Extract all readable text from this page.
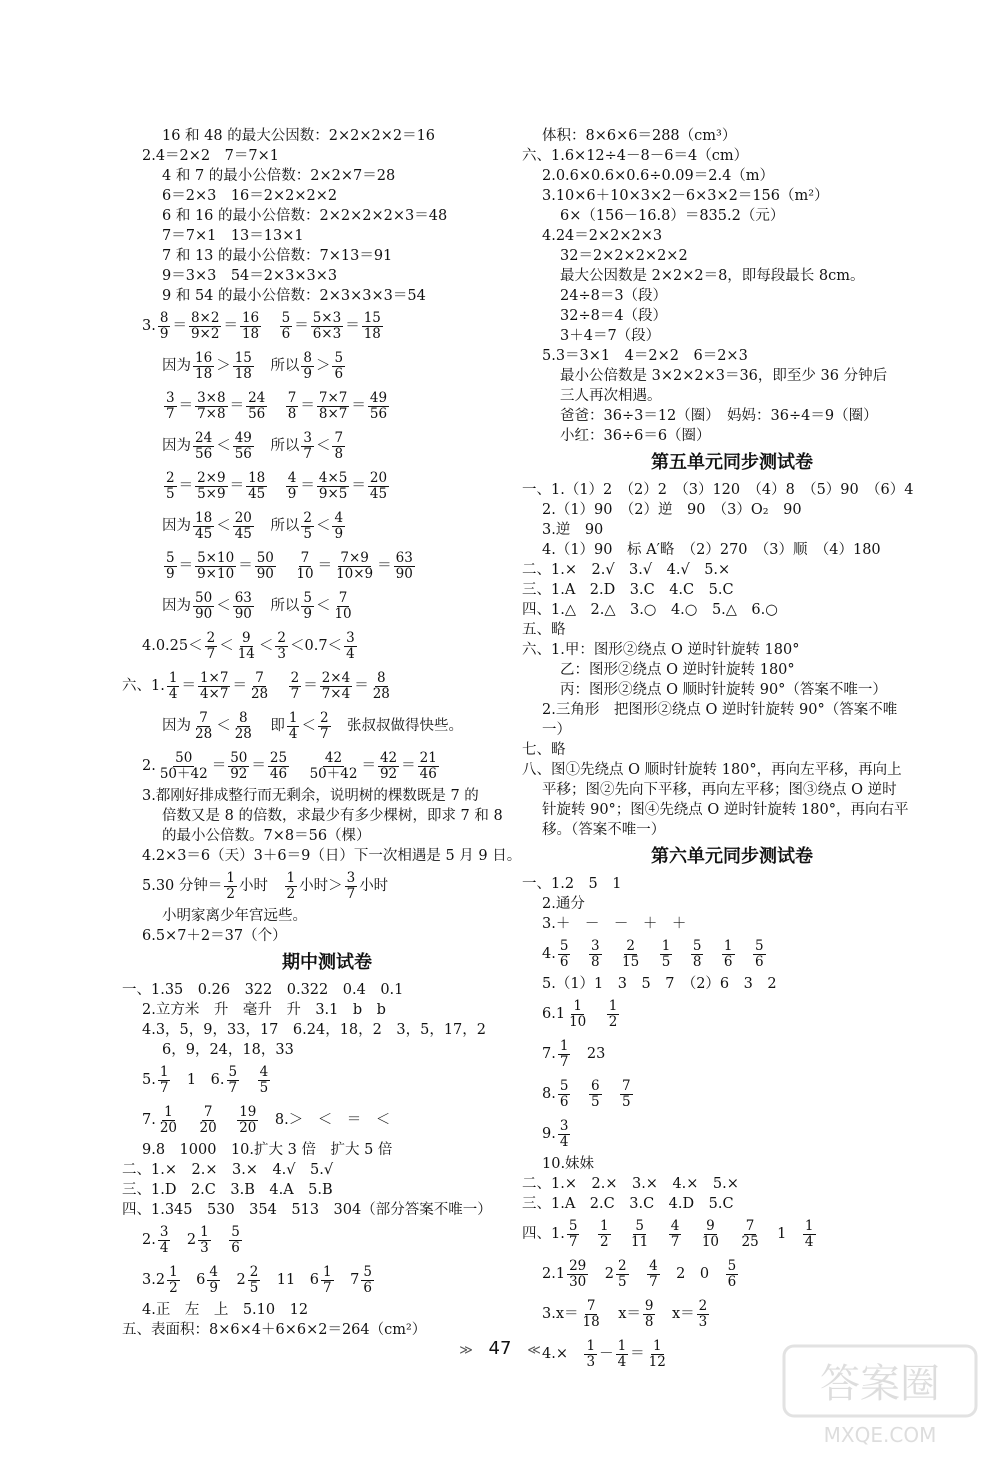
16 和 48 的最大公因数：2×2×2×2＝16
2.4＝2×2　7＝7×1
4 和 7 的最小公倍数：2×2×7＝28
6＝2×3　16＝2×2×2×2
6 和 16 的最小公倍数：2×2×2×2×3＝48
7＝7×1　13＝13×1
7 和 13 的最小公倍数：7×13＝91
9＝3×3　54＝2×3×3×3
9 和 54 的最小公倍数：2×3×3×3＝54
3. $\frac{8}{9} = \frac{8\times 2}{9\times 2} = \frac{16}{18}$
　 $\frac{5}{6} = \frac{5\times 3}{6\times 3} = \frac{15}{18}$
因为 $\frac{16}{18} > \frac{15}{18}$ 　所以 $\frac{8}{9} > \frac{5}{6}$
$\frac{3}{7} = \frac{3\times 8}{7\times 8} = \frac{24}{56}$
　 $\frac{7}{8} = \frac{7\times 7}{8\times 7} = \frac{49}{56}$
因为 $\frac{24}{56} < \frac{49}{56}$ 　所以 $\frac{3}{7} < \frac{7}{8}$
$\frac{2}{5} = \frac{2\times 9}{5\times 9} = \frac{18}{45}$
　 $\frac{4}{9} = \frac{4\times 5}{9\times 5} = \frac{20}{45}$
因为 $\frac{18}{45} < \frac{20}{45}$ 　所以 $\frac{2}{5} < \frac{4}{9}$
$\frac{5}{9} = \frac{5\times 10}{9\times 10} = \frac{50}{90}$
　 $\frac{7}{10} = \frac{7\times 9}{10\times 9} = \frac{63}{90}$
因为 $\frac{50}{90} < \frac{63}{90}$ 　所以 $\frac{5}{9} < \frac{7}{10}$
$4.0.25< \frac{2}{7} < \frac{9}{14} < \frac{2}{3} <0.7< \frac{3}{4}$
六、1. $\frac{1}{4} = \frac{1\times 7}{4\times 7} = \frac{7}{28}$
　 $\frac{2}{7} = \frac{2\times 4}{7\times 4} = \frac{8}{28}$
因为 $\frac{7}{28} < \frac{8}{28}$ 　即 $\frac{1}{4} < \frac{2}{7}$ 　张叔叔做得快些。
2. $\frac{50}{50+42} = \frac{50}{92} = \frac{25}{46}$
　 $\frac{42}{50+42} = \frac{42}{92} = \frac{21}{46}$
3.都刚好排成整行而无剩余，说明树的棵数既是 7 的
倍数又是 8 的倍数，求最少有多少棵树，即求 7 和 8
的最小公倍数。7×8＝56（棵）
4.2×3＝6（天）3＋6＝9（日）下一次相遇是 5 月 9 日。
5.30 分钟＝ $\frac{1}{2}$ 小时　 $\frac{1}{2}$ 小时＞ $\frac{3}{7}$ 小时
小明家离少年宫远些。
6.5×7＋2＝37（个）
期中测试卷
一、1.35　0.26　322　0.322　0.4　0.1
2.立方米　升　毫升　升　3.1　b　b
4.3，5，9，33，17　6.24，18，2　3，5，17，2
6，9，24，18，33
5. $\frac{1}{7}$ 　1　6. $\frac{5}{7}$
　 $\frac{4}{5}$
7. $\frac{1}{20}$
　 $\frac{7}{20}$
　 $\frac{19}{20}$ 　8.＞　＜　＝　＜
9.8　1000　10.扩大 3 倍　扩大 5 倍
二、1.×　2.×　3.×　4.√　5.√
三、1.D　2.C　3.B　4.A　5.B
四、1.345　530　354　513　304（部分答案不唯一）
2. $\frac{3}{4}$ 　$2 \frac{1}{3}$
　 $\frac{5}{6}$
$3.2 \frac{1}{2}$ 　$6 \frac{4}{9}$ 　$2 \frac{2}{5}$ 　11　$6 \frac{1}{7}$ 　$7 \frac{5}{6}$
4.正　左　上　5.10　12
五、表面积：8×6×4＋6×6×2＝264（cm²）
体积：8×6×6＝288（cm³）
六、1.6×12÷4－8－6＝4（cm）
2.0.6×0.6×0.6÷0.09＝2.4（m）
3.10×6＋10×3×2－6×3×2＝156（m²）
6×（156－16.8）＝835.2（元）
4.24＝2×2×2×3
32＝2×2×2×2×2
最大公因数是 2×2×2＝8，即每段最长 8cm。
24÷8＝3（段）
32÷8＝4（段）
3＋4＝7（段）
5.3＝3×1　4＝2×2　6＝2×3
最小公倍数是 3×2×2×3＝36，即至少 36 分钟后
三人再次相遇。
爸爸：36÷3＝12（圈）　妈妈：36÷4＝9（圈）
小红：36÷6＝6（圈）
第五单元同步测试卷
一、1.（1）2　（2）2　（3）120　（4）8　（5）90　（6）4
2.（1）90　（2）逆　90　（3）O₂　90
3.逆　90
4.（1）90　标 A′略　（2）270　（3）顺　（4）180
二、1.×　2.√　3.√　4.√　5.×
三、1.A　2.D　3.C　4.C　5.C
四、1.△　2.△　3.○　4.○　5.△　6.○
五、略
六、1.甲：图形②绕点 O 逆时针旋转 180°
乙：图形②绕点 O 逆时针旋转 180°
丙：图形②绕点 O 顺时针旋转 90°（答案不唯一）
2.三角形　把图形②绕点 O 逆时针旋转 90°（答案不唯
一）
七、略
八、图①先绕点 O 顺时针旋转 180°，再向左平移，再向上
平移；图②先向下平移，再向左平移；图③绕点 O 逆时
针旋转 90°；图④先绕点 O 逆时针旋转 180°，再向右平
移。（答案不唯一）
第六单元同步测试卷
一、1.2　5　1
2.通分
3.＋　－　－　＋　＋
4. $\frac{5}{6}$
　 $\frac{3}{8}$
　 $\frac{2}{15}$
　 $\frac{1}{5}$
　 $\frac{5}{8}$
　 $\frac{1}{6}$
　 $\frac{5}{6}$
5.（1）1　3　5　7　（2）6　3　2
$6.1 \frac{1}{10}$
　 $\frac{1}{2}$
7. $\frac{1}{7}$ 　23
8. $\frac{5}{6}$
　 $\frac{6}{5}$
　 $\frac{7}{5}$
9. $\frac{3}{4}$
10.妹妹
二、1.×　2.×　3.×　4.×　5.×
三、1.A　2.C　3.C　4.D　5.C
四、1. $\frac{5}{7}$
　 $\frac{1}{2}$
　 $\frac{5}{11}$
　 $\frac{4}{7}$
　 $\frac{9}{10}$
　 $\frac{7}{25}$ 　1　 $\frac{1}{4}$
$2.1 \frac{29}{30}$ 　$2 \frac{2}{5}$
　 $\frac{4}{7}$ 　2　0　 $\frac{5}{6}$
$3.x= \frac{7}{18}$ 　$x= \frac{9}{8}$ 　$x= \frac{2}{3}$
4.×　 $\frac{1}{3} - \frac{1}{4} = \frac{1}{12}$
≫ 47 ≪
答案圈
MXQE.COM
